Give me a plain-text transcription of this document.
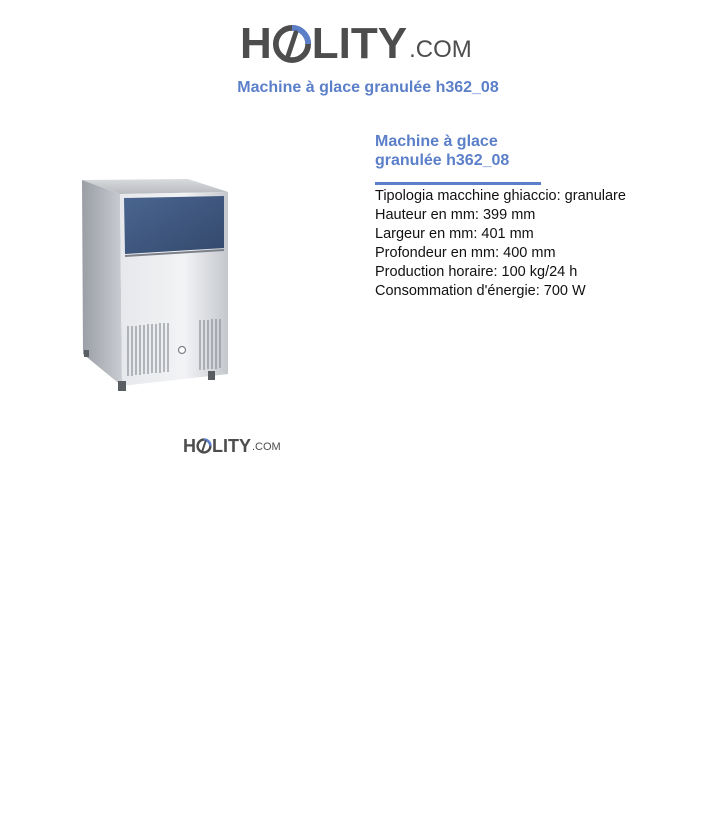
H LITY .COM
Machine à glace granulée h362_08
H LITY .COM
Machine à glace granulée h362_08
Tipologia macchine ghiaccio: granulare
Hauteur en mm: 399 mm
Largeur en mm: 401 mm
Profondeur en mm: 400 mm
Production horaire: 100 kg/24 h
Consommation d'énergie: 700 W
